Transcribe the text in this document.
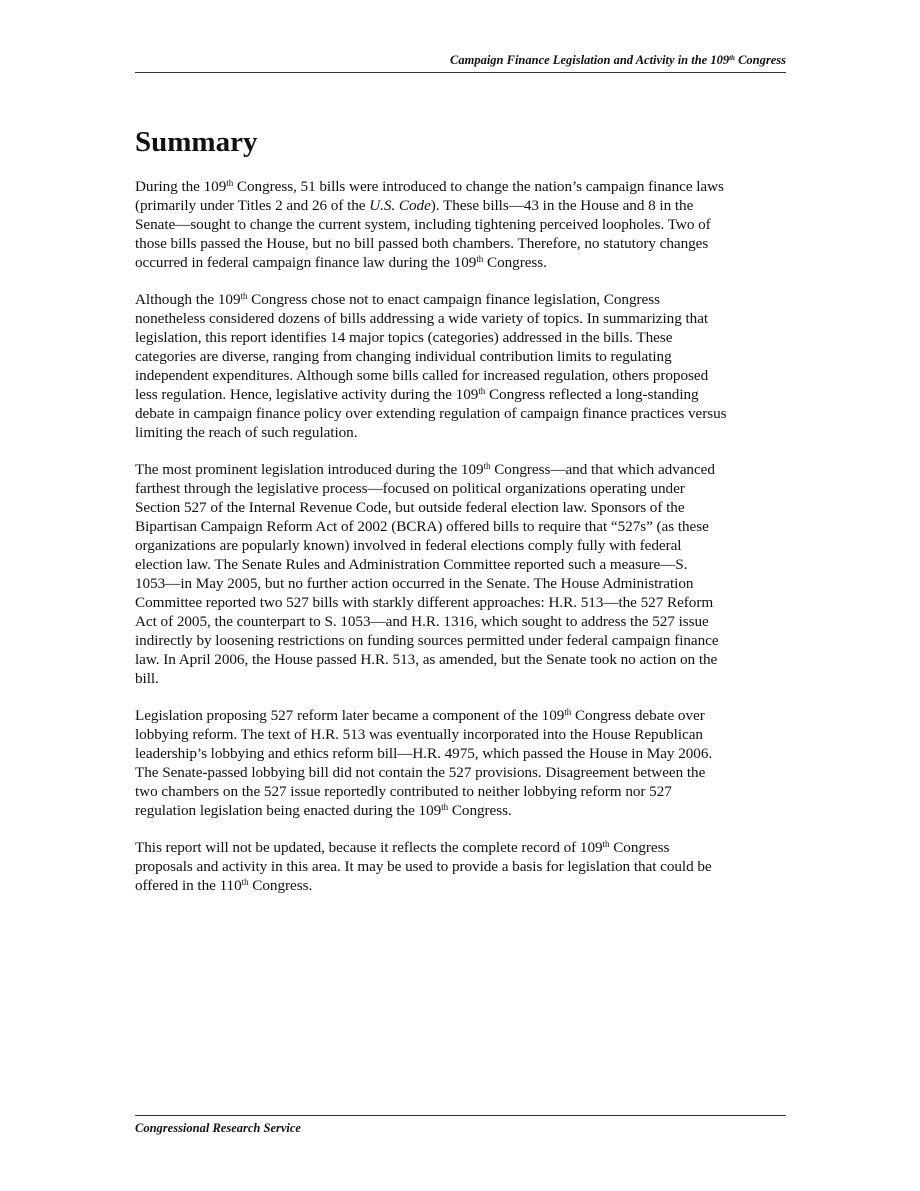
Campaign Finance Legislation and Activity in the 109th Congress
Summary

During the 109th Congress, 51 bills were introduced to change the nation’s campaign finance laws
(primarily under Titles 2 and 26 of the U.S. Code). These bills—43 in the House and 8 in the
Senate—sought to change the current system, including tightening perceived loopholes. Two of
those bills passed the House, but no bill passed both chambers. Therefore, no statutory changes
occurred in federal campaign finance law during the 109th Congress.

Although the 109th Congress chose not to enact campaign finance legislation, Congress
nonetheless considered dozens of bills addressing a wide variety of topics. In summarizing that
legislation, this report identifies 14 major topics (categories) addressed in the bills. These
categories are diverse, ranging from changing individual contribution limits to regulating
independent expenditures. Although some bills called for increased regulation, others proposed
less regulation. Hence, legislative activity during the 109th Congress reflected a long-standing
debate in campaign finance policy over extending regulation of campaign finance practices versus
limiting the reach of such regulation.

The most prominent legislation introduced during the 109th Congress—and that which advanced
farthest through the legislative process—focused on political organizations operating under
Section 527 of the Internal Revenue Code, but outside federal election law. Sponsors of the
Bipartisan Campaign Reform Act of 2002 (BCRA) offered bills to require that “527s” (as these
organizations are popularly known) involved in federal elections comply fully with federal
election law. The Senate Rules and Administration Committee reported such a measure—S.
1053—in May 2005, but no further action occurred in the Senate. The House Administration
Committee reported two 527 bills with starkly different approaches: H.R. 513—the 527 Reform
Act of 2005, the counterpart to S. 1053—and H.R. 1316, which sought to address the 527 issue
indirectly by loosening restrictions on funding sources permitted under federal campaign finance
law. In April 2006, the House passed H.R. 513, as amended, but the Senate took no action on the
bill.

Legislation proposing 527 reform later became a component of the 109th Congress debate over
lobbying reform. The text of H.R. 513 was eventually incorporated into the House Republican
leadership’s lobbying and ethics reform bill—H.R. 4975, which passed the House in May 2006.
The Senate-passed lobbying bill did not contain the 527 provisions. Disagreement between the
two chambers on the 527 issue reportedly contributed to neither lobbying reform nor 527
regulation legislation being enacted during the 109th Congress.

This report will not be updated, because it reflects the complete record of 109th Congress
proposals and activity in this area. It may be used to provide a basis for legislation that could be
offered in the 110th Congress.

Congressional Research Service
